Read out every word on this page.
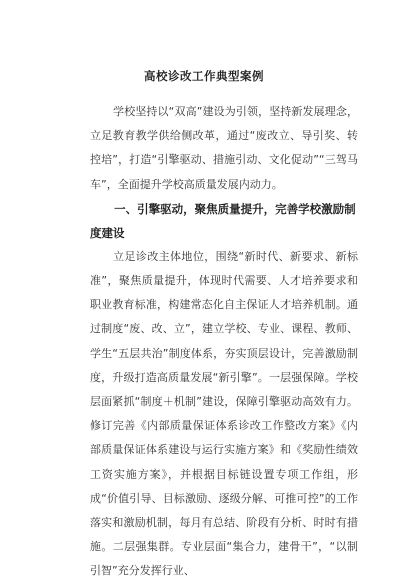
高校诊改工作典型案例

学校坚持以“双高”建设为引领，坚持新发展理念，立足教育教学供给侧改革，通过“废改立、导引奖、转控培”，打造“引擎驱动、措施引动、文化促动”“三驾马车”，全面提升学校高质量发展内动力。

一、引擎驱动，聚焦质量提升，完善学校激励制度建设

立足诊改主体地位，围绕“新时代、新要求、新标准”，聚焦质量提升，体现时代需要、人才培养要求和职业教育标准，构建常态化自主保证人才培养机制。通过制度“废、改、立”，建立学校、专业、课程、教师、学生“五层共治”制度体系，夯实顶层设计，完善激励制度，升级打造高质量发展“新引擎”。一层强保障。学校层面紧抓“制度＋机制”建设，保障引擎驱动高效有力。修订完善《内部质量保证体系诊改工作整改方案》《内部质量保证体系建设与运行实施方案》和《奖励性绩效工资实施方案》，并根据目标链设置专项工作组，形成“价值引导、目标激励、逐级分解、可推可控”的工作落实和激励机制，每月有总结、阶段有分析、时时有措施。二层强集群。专业层面“集合力，建骨干”，“以制引智”充分发挥行业、
